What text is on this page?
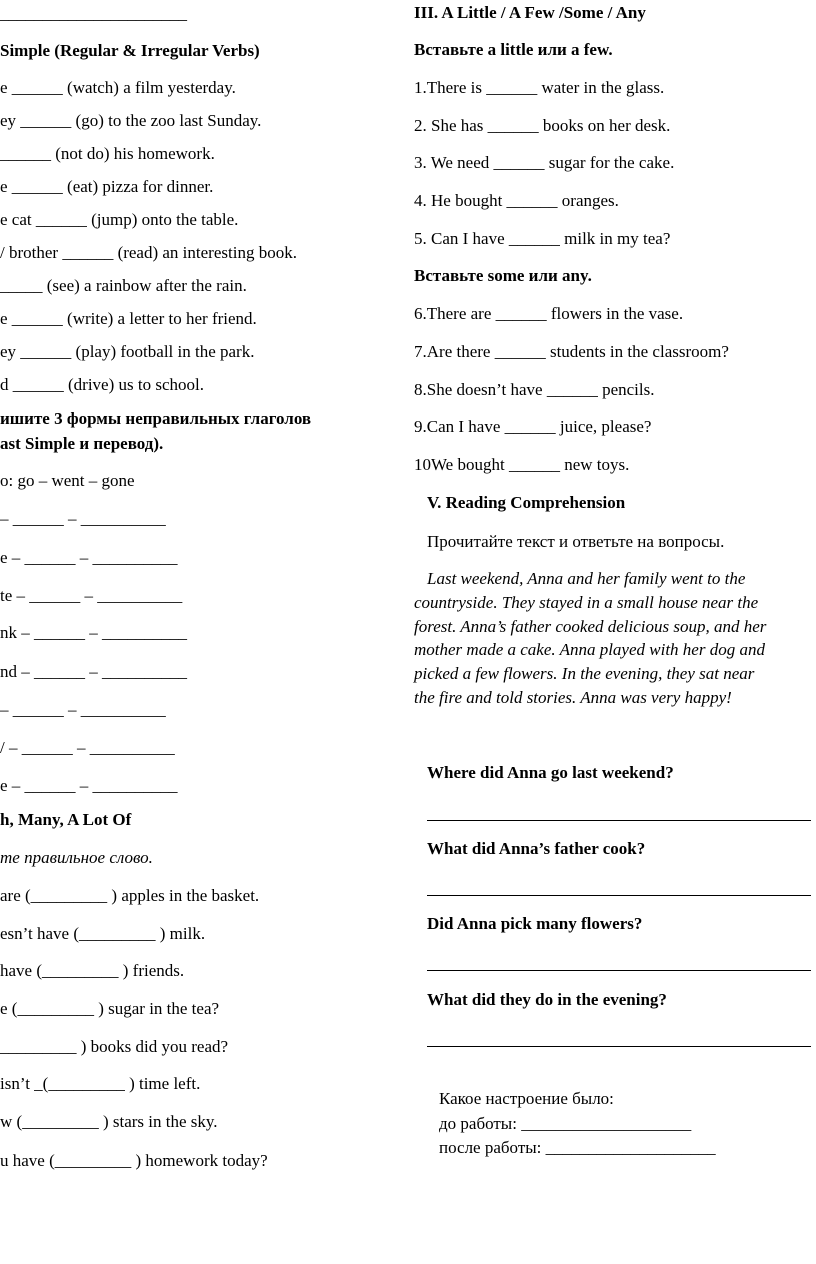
______________________
Simple (Regular & Irregular Verbs)
e ______ (watch) a film yesterday.
ey ______ (go) to the zoo last Sunday.
______ (not do) his homework.
e ______ (eat) pizza for dinner.
e cat ______ (jump) onto the table.
/ brother ______ (read) an interesting book.
_____ (see) a rainbow after the rain.
e ______ (write) a letter to her friend.
ey ______ (play) football in the park.
d ______ (drive) us to school.
ишите 3 формы неправильных глаголов
ast Simple и перевод).
o: go – went – gone
– ______ – __________
e – ______ – __________
te – ______ – __________
nk – ______ – __________
nd – ______ – __________
– ______ – __________
/ – ______ – __________
e – ______ – __________
h, Many, A Lot Of
те правильное слово.
are (_________ ) apples in the basket.
esn’t have (_________ ) milk.
have (_________ ) friends.
e (_________ ) sugar in the tea?
_________ ) books did you read?
isn’t _(_________ ) time left.
w (_________ ) stars in the sky.
u have (_________ ) homework today?
III. A Little / A Few /Some / Any
Вставьте a little или a few.
1.There is ______ water in the glass.
2. She has ______ books on her desk.
3. We need ______ sugar for the cake.
4. He bought ______ oranges.
5. Can I have ______ milk in my tea?
Вставьте some или any.
6.There are ______ flowers in the vase.
7.Are there ______ students in the classroom?
8.She doesn’t have ______ pencils.
9.Can I have ______ juice, please?
10We bought ______ new toys.
V. Reading Comprehension
Прочитайте текст и ответьте на вопросы.
Last weekend, Anna and her family went to the
countryside. They stayed in a small house near the
forest. Anna’s father cooked delicious soup, and her
mother made a cake. Anna played with her dog and
picked a few flowers. In the evening, they sat near
the fire and told stories. Anna was very happy!
Where did Anna go last weekend?
What did Anna’s father cook?
Did Anna pick many flowers?
What did they do in the evening?
Какое настроение было:
до работы: ____________________
после работы: ____________________
